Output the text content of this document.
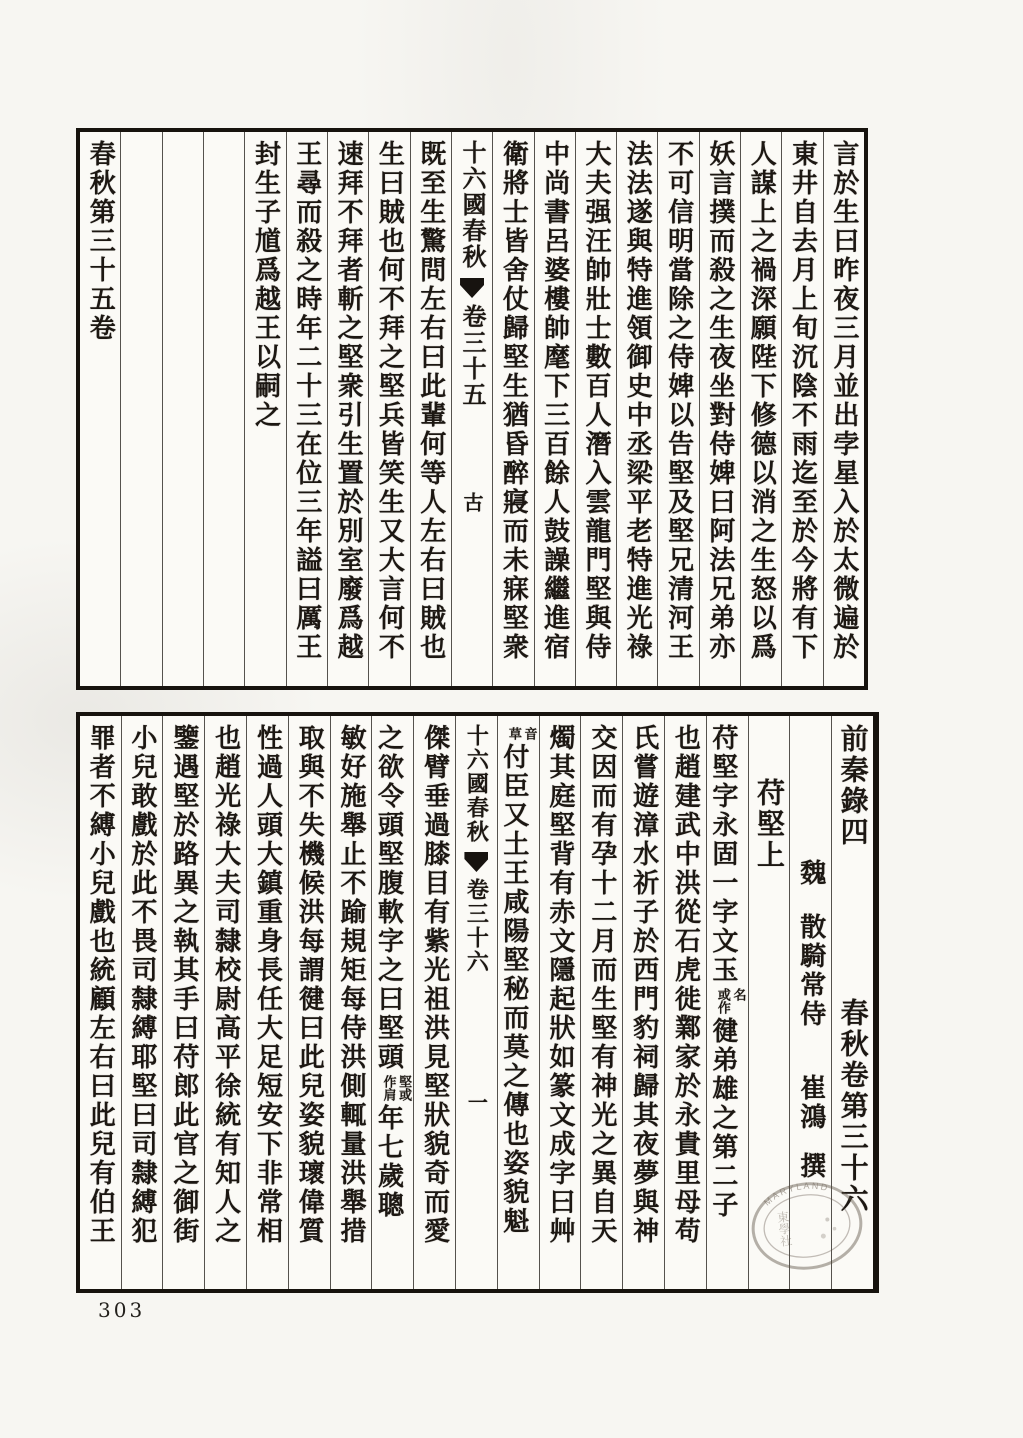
言於生曰昨夜三月並出孛星入於太微遍於
東井自去月上旬沉陰不雨迄至於今將有下
人謀上之禍深願陛下修德以消之生怒以爲
妖言撲而殺之生夜坐對侍婢曰阿法兄弟亦
不可信明當除之侍婢以告堅及堅兄清河王
法法遂與特進領御史中丞梁平老特進光祿
大夫强汪帥壯士數百人潛入雲龍門堅與侍
中尚書呂婆樓帥麾下三百餘人鼓譟繼進宿
衛將士皆舍仗歸堅生猶昏醉寢而未寐堅衆
十六國春秋卷三十五古
既至生驚問左右曰此輩何等人左右曰賊也
生曰賊也何不拜之堅兵皆笑生又大言何不
速拜不拜者斬之堅衆引生置於別室廢爲越
王尋而殺之時年二十三在位三年謚曰厲王
封生子馗爲越王以嗣之
春秋第三十五卷
前秦錄四春秋卷第三十六
魏散騎常侍崔鴻撰
苻堅上
苻堅字永固一字文玉
名
或作
徤弟雄之第二子
也趙建武中洪從石虎徙鄴家於永貴里母苟
氏嘗遊漳水祈子於西門豹祠歸其夜夢與神
交因而有孕十二月而生堅有神光之異自天
燭其庭堅背有赤文隱起狀如篆文成字曰艸
音
草
付臣又土王咸陽堅秘而莫之傳也姿貌魁
十六國春秋卷三十六一
傑臂垂過膝目有紫光祖洪見堅狀貌奇而愛
之欲令頭堅腹軟字之曰堅頭
堅或
作肩
年七歲聰
敏好施舉止不踰規矩每侍洪側輒量洪舉措
取與不失機候洪每謂徤曰此兒姿貌瓌偉質
性過人頭大鎮重身長任大足短安下非常相
也趙光祿大夫司隸校尉高平徐統有知人之
鑒遇堅於路異之執其手曰苻郎此官之御街
小兒敢戲於此不畏司隸縛耶堅曰司隸縛犯
罪者不縛小兒戲也統顧左右曰此兒有伯王	MARYLAND
東學社
303
